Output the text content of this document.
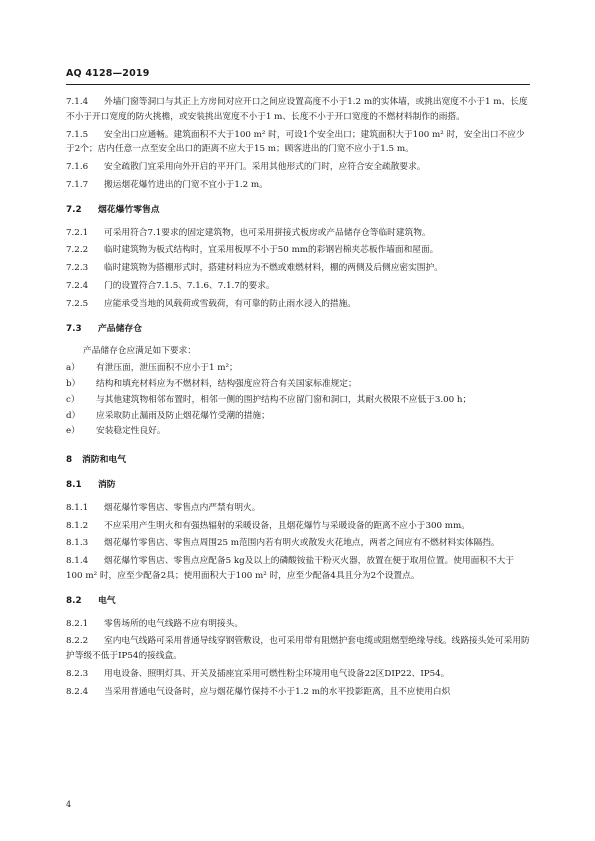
AQ 4128—2019

7.1.4 外墙门窗等洞口与其正上方房间对应开口之间应设置高度不小于1.2 m的实体墙，或挑出宽度不小于1 m、长度不小于开口宽度的防火挑檐，或安装挑出宽度不小于1 m、长度不小于开口宽度的不燃材料制作的雨搭。

7.1.5 安全出口应通畅。建筑面积不大于100 m² 时，可设1个安全出口；建筑面积大于100 m² 时，安全出口不应少于2个；店内任意一点至安全出口的距离不应大于15 m；顾客进出的门宽不应小于1.5 m。

7.1.6 安全疏散门宜采用向外开启的平开门。采用其他形式的门时，应符合安全疏散要求。

7.1.7 搬运烟花爆竹进出的门宽不宜小于1.2 m。

7.2 烟花爆竹零售点

7.2.1 可采用符合7.1要求的固定建筑物，也可采用拼接式板房或产品储存仓等临时建筑物。

7.2.2 临时建筑物为板式结构时，宜采用板厚不小于50 mm的彩钢岩棉夹芯板作墙面和屋面。

7.2.3 临时建筑物为搭棚形式时，搭建材料应为不燃或难燃材料，棚的两侧及后侧应密实围护。

7.2.4 门的设置符合7.1.5、7.1.6、7.1.7的要求。

7.2.5 应能承受当地的风载荷或雪载荷，有可靠的防止雨水浸入的措施。

7.3 产品储存仓

产品储存仓应满足如下要求：

a） 有泄压面，泄压面积不应小于1 m²；

b） 结构和填充材料应为不燃材料，结构强度应符合有关国家标准规定；

c） 与其他建筑物相邻布置时，相邻一侧的围护结构不应留门窗和洞口，其耐火极限不应低于3.00 h；

d） 应采取防止漏雨及防止烟花爆竹受潮的措施；

e） 安装稳定性良好。

8 消防和电气
8.1 消防

8.1.1 烟花爆竹零售店、零售点内严禁有明火。

8.1.2 不应采用产生明火和有强热辐射的采暖设备，且烟花爆竹与采暖设备的距离不应小于300 mm。

8.1.3 烟花爆竹零售店、零售点周围25 m范围内若有明火或散发火花地点，两者之间应有不燃材料实体隔挡。

8.1.4 烟花爆竹零售店、零售点应配备5 kg及以上的磷酸铵盐干粉灭火器，放置在便于取用位置。使用面积不大于100 m² 时，应至少配备2具；使用面积大于100 m² 时，应至少配备4具且分为2个设置点。

8.2 电气

8.2.1 零售场所的电气线路不应有明接头。

8.2.2 室内电气线路可采用普通导线穿钢管敷设，也可采用带有阻燃护套电缆或阻燃型绝缘导线。线路接头处可采用防护等级不低于IP54的接线盒。

8.2.3 用电设备、照明灯具、开关及插座宜采用可燃性粉尘环境用电气设备22区DIP22、IP54。

8.2.4 当采用普通电气设备时，应与烟花爆竹保持不小于1.2 m的水平投影距离，且不应使用白炽

4
